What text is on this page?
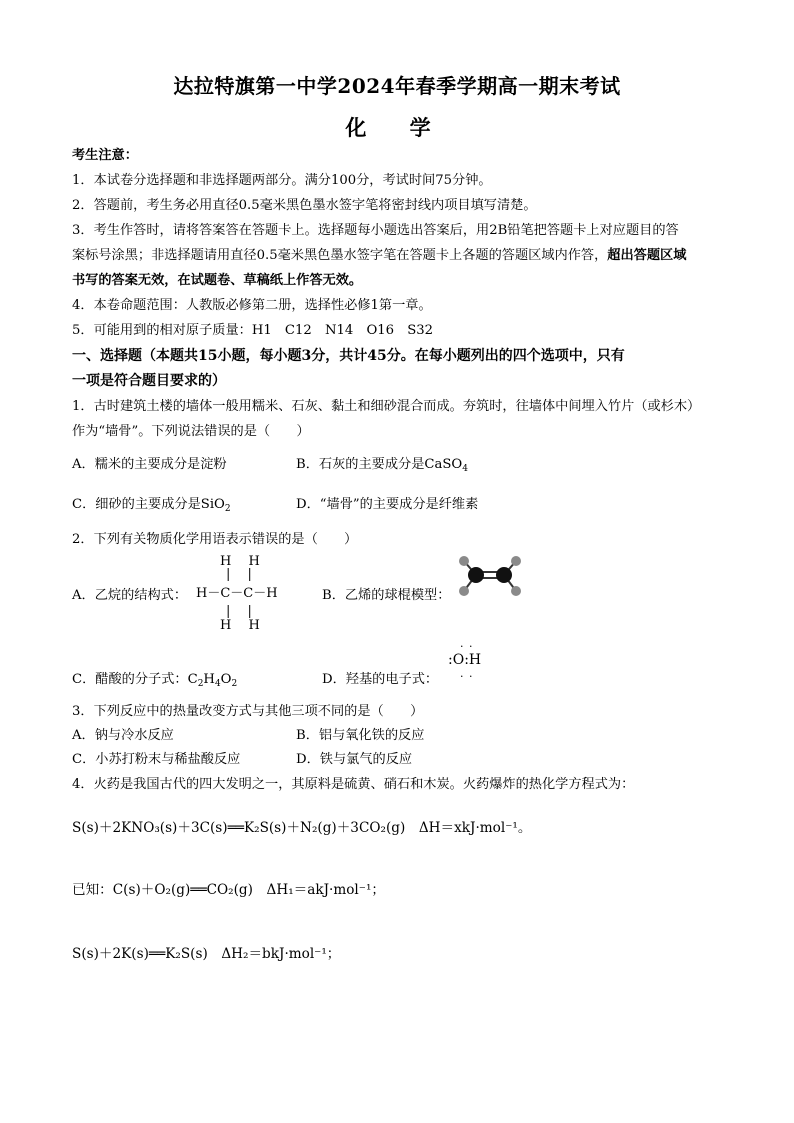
达拉特旗第一中学2024年春季学期高一期末考试
化 学
考生注意：
1．本试卷分选择题和非选择题两部分。满分100分，考试时间75分钟。
2．答题前，考生务必用直径0.5毫米黑色墨水签字笔将密封线内项目填写清楚。
3．考生作答时，请将答案答在答题卡上。选择题每小题选出答案后，用2B铅笔把答题卡上对应题目的答
案标号涂黑；非选择题请用直径0.5毫米黑色墨水签字笔在答题卡上各题的答题区域内作答，超出答题区域
书写的答案无效，在试题卷、草稿纸上作答无效。
4．本卷命题范围：人教版必修第二册，选择性必修1第一章。
5．可能用到的相对原子质量：H1　C12　N14　O16　S32
一、选择题（本题共15小题，每小题3分，共计45分。在每小题列出的四个选项中，只有
一项是符合题目要求的）
1．古时建筑土楼的墙体一般用糯米、石灰、黏土和细砂混合而成。夯筑时，往墙体中间埋入竹片（或杉木）
作为“墙骨”。下列说法错误的是（　　）
A．糯米的主要成分是淀粉	B．石灰的主要成分是CaSO$_4$
C．细砂的主要成分是SiO$_2$	D．“墙骨”的主要成分是纤维素
2．下列有关物质化学用语表示错误的是（　　）
A．乙烷的结构式：
H　 H
|　 |
H－C－C－H
|　 |
H　 H
B．乙烯的球棍模型：
C．醋酸的分子式：$C_2H_4O_2$	D．羟基的电子式：
· ·
:O:H
· ·
3．下列反应中的热量改变方式与其他三项不同的是（　　）
A．钠与冷水反应	B．铝与氧化铁的反应
C．小苏打粉末与稀盐酸反应	D．铁与氯气的反应
4．火药是我国古代的四大发明之一，其原料是硫黄、硝石和木炭。火药爆炸的热化学方程式为：
S(s)＋2KNO₃(s)＋3C(s)══K₂S(s)＋N₂(g)＋3CO₂(g)　ΔH＝xkJ·mol⁻¹。
已知：C(s)＋O₂(g)══CO₂(g)　ΔH₁＝akJ·mol⁻¹；
S(s)＋2K(s)══K₂S(s)　ΔH₂＝bkJ·mol⁻¹；
